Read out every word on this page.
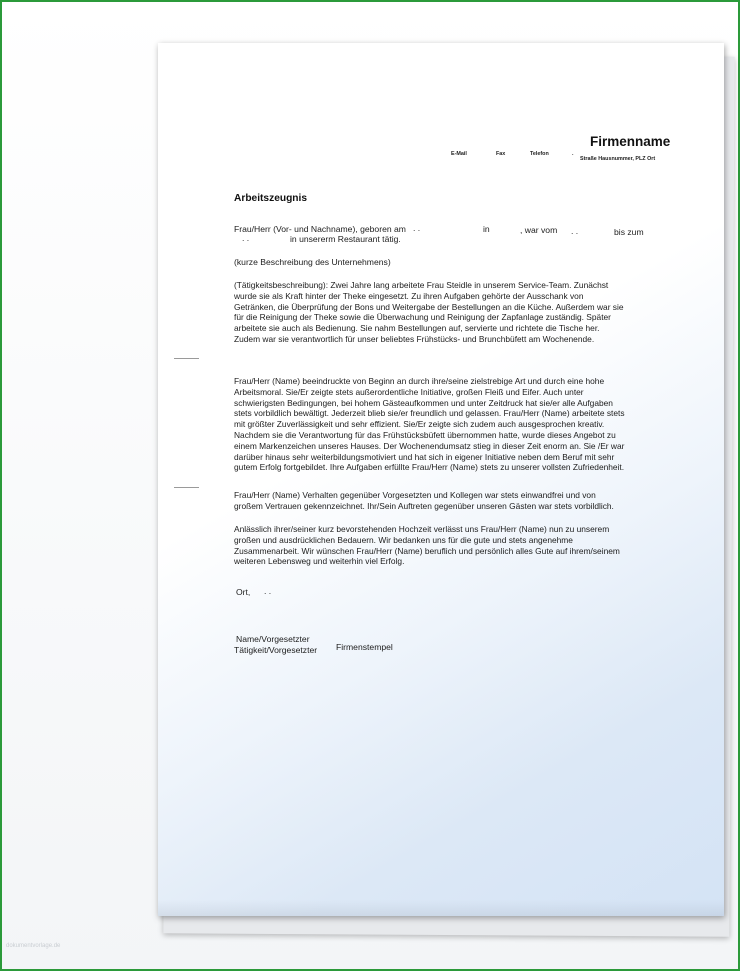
Firmenname
E-Mail	Fax	Telefon	.
Straße Hausnummer, PLZ Ort
Arbeitszeugnis
Frau/Herr (Vor- und Nachname), geboren am . .	in	, war vom . .	bis zum
. .	in unsererm Restaurant tätig.
(kurze Beschreibung des Unternehmens)

(Tätigkeitsbeschreibung): Zwei Jahre lang arbeitete Frau Steidle in unserem Service-Team. Zunächst

wurde sie als Kraft hinter der Theke eingesetzt. Zu ihren Aufgaben gehörte der Ausschank von

Getränken, die Überprüfung der Bons und Weitergabe der Bestellungen an die Küche. Außerdem war sie

für die Reinigung der Theke sowie die Überwachung und Reinigung der Zapfanlage zuständig. Später

arbeitete sie auch als Bedienung. Sie nahm Bestellungen auf, servierte und richtete die Tische her.

Zudem war sie verantwortlich für unser beliebtes Frühstücks- und Brunchbüfett am Wochenende.

Frau/Herr (Name) beeindruckte von Beginn an durch ihre/seine zielstrebige Art und durch eine hohe

Arbeitsmoral. Sie/Er zeigte stets außerordentliche Initiative, großen Fleiß und Eifer. Auch unter

schwierigsten Bedingungen, bei hohem Gästeaufkommen und unter Zeitdruck hat sie/er alle Aufgaben

stets vorbildlich bewältigt. Jederzeit blieb sie/er freundlich und gelassen. Frau/Herr (Name) arbeitete stets

mit größter Zuverlässigkeit und sehr effizient. Sie/Er zeigte sich zudem auch ausgesprochen kreativ.

Nachdem sie die Verantwortung für das Frühstücksbüfett übernommen hatte, wurde dieses Angebot zu

einem Markenzeichen unseres Hauses. Der Wochenendumsatz stieg in dieser Zeit enorm an. Sie /Er war

darüber hinaus sehr weiterbildungsmotiviert und hat sich in eigener Initiative neben dem Beruf mit sehr

gutem Erfolg fortgebildet. Ihre Aufgaben erfüllte Frau/Herr (Name) stets zu unserer vollsten Zufriedenheit.

Frau/Herr (Name) Verhalten gegenüber Vorgesetzten und Kollegen war stets einwandfrei und von

großem Vertrauen gekennzeichnet. Ihr/Sein Auftreten gegenüber unseren Gästen war stets vorbildlich.

Anlässlich ihrer/seiner kurz bevorstehenden Hochzeit verlässt uns Frau/Herr (Name) nun zu unserem

großen und ausdrücklichen Bedauern. Wir bedanken uns für die gute und stets angenehme

Zusammenarbeit. Wir wünschen Frau/Herr (Name) beruflich und persönlich alles Gute auf ihrem/seinem

weiteren Lebensweg und weiterhin viel Erfolg.

Ort, . .
Name/Vorgesetzter
Tätigkeit/Vorgesetzter Firmenstempel
dokumentvorlage.de
